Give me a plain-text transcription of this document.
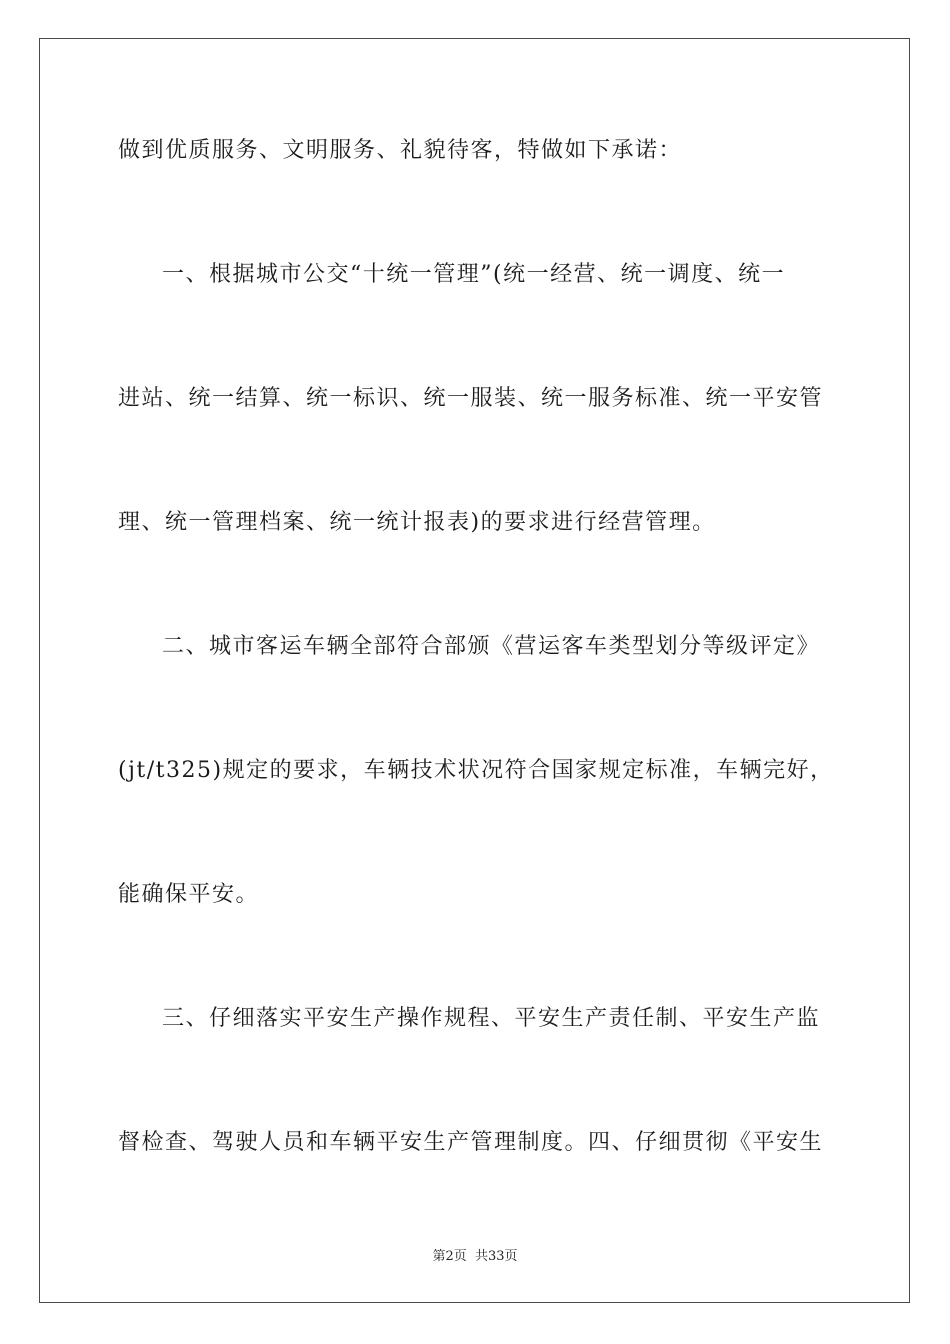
做到优质服务、文明服务、礼貌待客，特做如下承诺：
一、根据城市公交“十统一管理”(统一经营、统一调度、统一
进站、统一结算、统一标识、统一服装、统一服务标准、统一平安管
理、统一管理档案、统一统计报表)的要求进行经营管理。
二、城市客运车辆全部符合部颁《营运客车类型划分等级评定》
(jt/t325)规定的要求，车辆技术状况符合国家规定标准，车辆完好，
能确保平安。
三、仔细落实平安生产操作规程、平安生产责任制、平安生产监
督检查、驾驶人员和车辆平安生产管理制度。四、仔细贯彻《平安生
第2页 共33页
